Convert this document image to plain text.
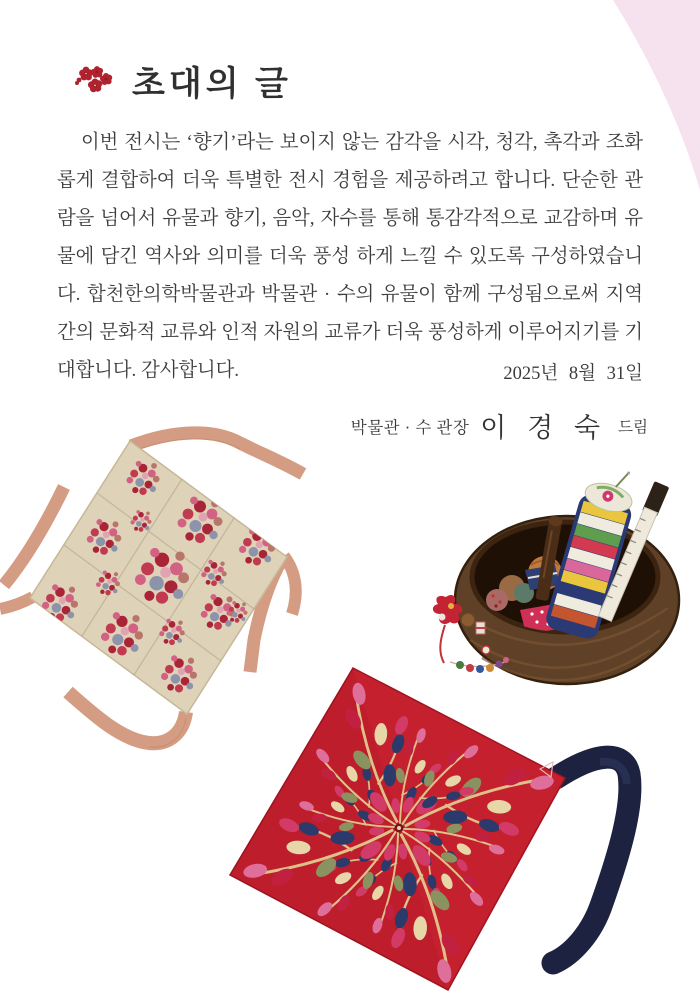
초대의 글

이번 전시는 ‘향기’라는 보이지 않는 감각을 시각, 청각, 촉각과 조화롭게 결합하여 더욱 특별한 전시 경험을 제공하려고 합니다. 단순한 관람을 넘어서 유물과 향기, 음악, 자수를 통해 통감각적으로 교감하며 유물에 담긴 역사와 의미를 더욱 풍성 하게 느낄 수 있도록 구성하였습니다. 합천한의학박물관과 박물관 · 수의 유물이 함께 구성됨으로써 지역간의 문화적 교류와 인적 자원의 교류가 더욱 풍성하게 이루어지기를 기대합니다. 감사합니다.	2025년 8월 31일
박물관 · 수 관장 이 경 숙 드림
